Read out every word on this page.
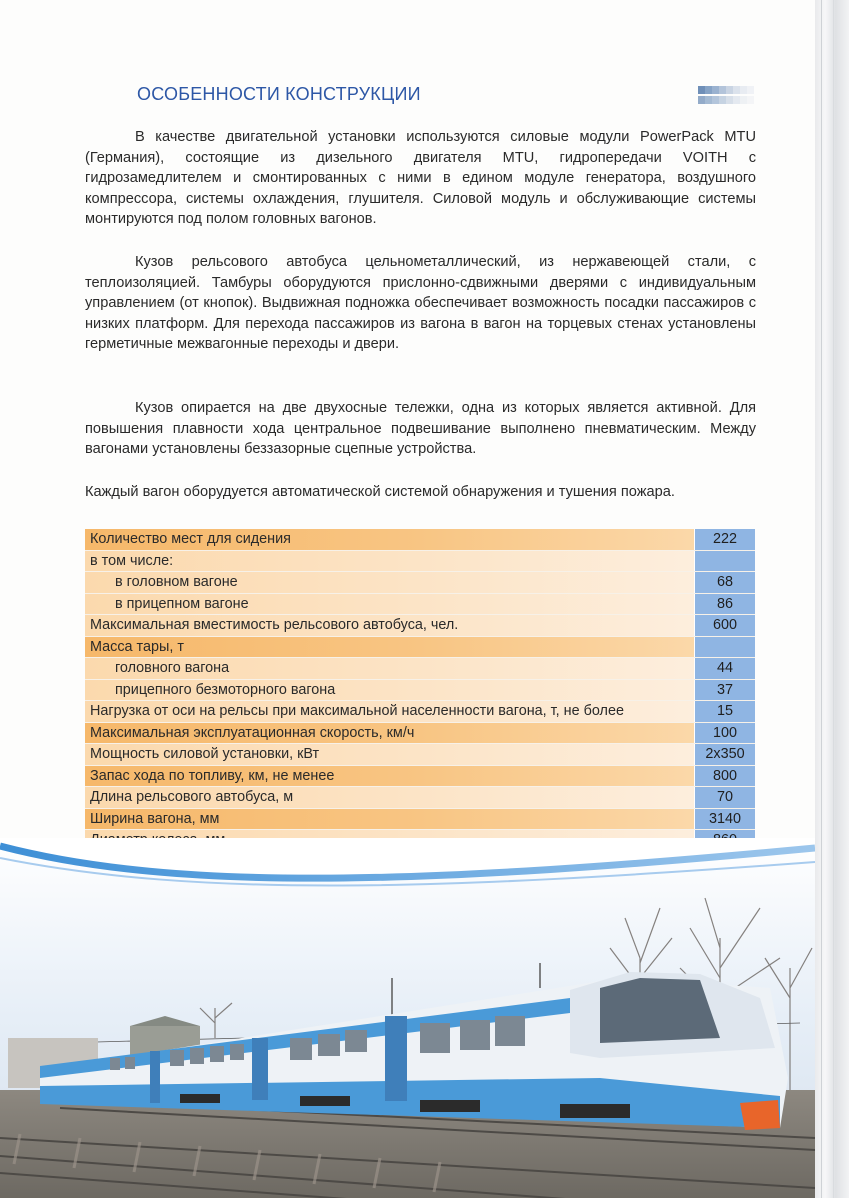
ОСОБЕННОСТИ КОНСТРУКЦИИ

В качестве двигательной установки используются силовые модули PowerPack MTU (Германия), состоящие из дизельного двигателя MTU, гидропередачи VOITH с гидрозамедлителем и смонтированных с ними в едином модуле генератора, воздушного компрессора, системы охлаждения, глушителя. Силовой модуль и обслуживающие системы монтируются под полом головных вагонов.

Кузов рельсового автобуса цельнометаллический, из нержавеющей стали, с теплоизоляцией. Тамбуры оборудуются прислонно-сдвижными дверями с индивидуальным управлением (от кнопок). Выдвижная подножка обеспечивает возможность посадки пассажиров с низких платформ. Для перехода пассажиров из вагона в вагон на торцевых стенах установлены герметичные межвагонные переходы и двери.

Кузов опирается на две двухосные тележки, одна из которых является активной. Для повышения плавности хода центральное подвешивание выполнено пневматическим. Между вагонами установлены беззазорные сцепные устройства.

Каждый вагон оборудуется автоматической системой обнаружения и тушения пожара.

Количество мест для сидения	222
в том числе:	
в головном вагоне	68
в прицепном вагоне	86
Максимальная вместимость рельсового автобуса, чел.	600
Масса тары, т	
головного вагона	44
прицепного безмоторного вагона	37
Нагрузка от оси на рельсы при максимальной населенности вагона, т, не более	15
Максимальная эксплуатационная скорость, км/ч	100
Мощность силовой установки, кВт	2x350
Запас хода по топливу, км, не менее	800
Длина рельсового автобуса, м	70
Ширина вагона, мм	3140
